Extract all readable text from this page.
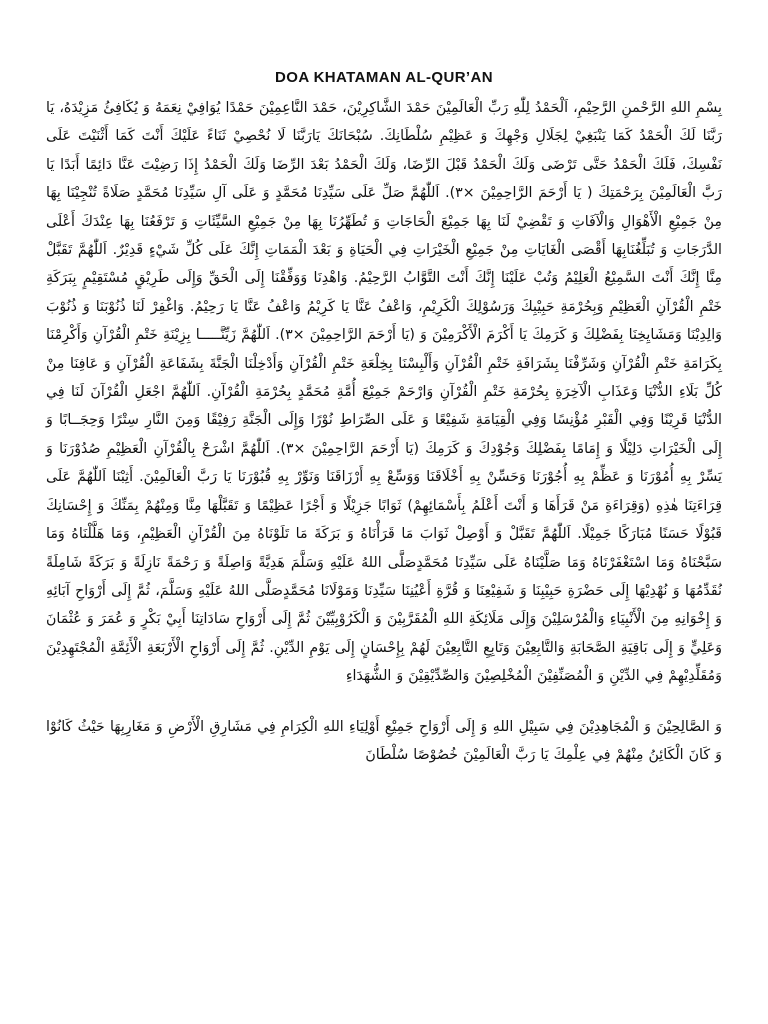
DOA KHATAMAN AL-QUR’AN

بِسْمِ اللهِ الرَّحْمنِ الرَّحِيْمِ، اَلْحَمْدُ لِلّٰهِ رَبِّ الْعَالَمِيْنَ حَمْدَ الشَّاكِرِيْنَ، حَمْدَ النَّاعِمِيْنَ حَمْدًا يُوَافِيْ نِعَمَهُ وَ يُكَافِئُ مَزِيْدَهُ، يَا رَبَّنَا لَكَ الْحَمْدُ كَمَا يَنْبَغِيْ لِجَلَالِ وَجْهِكَ وَ عَظِيْمِ سُلْطَانِكَ. سُبْحَانَكَ يَارَبَّنَا لَا نُحْصِيْ ثَنَاءً عَلَيْكَ أَنْتَ كَمَا أَثْنَيْتَ عَلَى نَفْسِكَ، فَلَكَ الْحَمْدُ حَتَّى تَرْضَى وَلَكَ الْحَمْدُ قَبْلَ الرِّضَا، وَلَكَ الْحَمْدُ بَعْدَ الرِّضَا وَلَكَ الْحَمْدُ إِذَا رَضِيْتَ عَنَّا دَائِمًا أَبَدًا يَا رَبَّ الْعَالَمِيْنَ بِرَحْمَتِكَ ( يَا أَرْحَمَ الرَّاحِمِيْنَ ×٣). اَللّٰهُمَّ صَلِّ عَلَى سَيِّدِنَا مُحَمَّدٍ وَ عَلَى آلِ سَيِّدِنَا مُحَمَّدٍ صَلَاةً تُنْجِيْنَا بِهَا مِنْ جَمِيْعِ الْأَهْوَالِ وَالْآفَاتِ وَ تَقْضِيْ لَنَا بِهَا جَمِيْعَ الْحَاجَاتِ وَ تُطَهِّرُنَا بِهَا مِنْ جَمِيْعِ السَّيِّئَاتِ وَ تَرْفَعُنَا بِهَا عِنْدَكَ أَعْلَى الدَّرَجَاتِ وَ تُبَلِّغُنَابِهَا أَقْصَى الْغَايَاتِ مِنْ جَمِيْعِ الْخَيْرَاتِ فِي الْحَيَاةِ وَ بَعْدَ الْمَمَاتِ إِنَّكَ عَلَى كُلِّ شَيْءٍ قَدِيْرٌ. اَللّٰهُمَّ تَقَبَّلْ مِنَّا إِنَّكَ أَنْتَ السَّمِيْعُ الْعَلِيْمُ وَتُبْ عَلَيْنَا إِنَّكَ أَنْتَ التَّوَّابُ الرَّحِيْمُ. وَاهْدِنَا وَوَفِّقْنَا إِلَى الْحَقِّ وَإِلَى طَرِيْقٍ مُسْتَقِيْمٍ بِبَرَكَةِ خَتْمِ الْقُرْآنِ الْعَظِيْمِ وَبِحُرْمَةِ حَبِيْبِكَ وَرَسُوْلِكَ الْكَرِيْمِ، وَاعْفُ عَنَّا يَا كَرِيْمُ وَاعْفُ عَنَّا يَا رَحِيْمُ. وَاغْفِرْ لَنَا ذُنُوْبَنَا وَ ذُنُوْبَ وَالِدِيْنَا وَمَشَايِخِنَا بِفَضْلِكَ وَ كَرَمِكَ يَا أَكْرَمَ الْأَكْرَمِيْنَ وَ (يَا أَرْحَمَ الرَّاحِمِيْنَ ×٣). اَللّٰهُمَّ زَيِّنَّـــــا بِزِيْنَةِ خَتْمِ الْقُرْآنِ وَأَكْرِمْنَا بِكَرَامَةِ خَتْمِ الْقُرْآنِ وَشَرِّفْنَا بِشَرَافَةِ خَتْمِ الْقُرْآنِ وَأَلْبِسْنَا بِخِلْعَةِ خَتْمِ الْقُرْآنِ وَأَدْخِلْنَا الْجَنَّةَ بِشَفَاعَةِ الْقُرْآنِ وَ عَافِنَا مِنْ كُلِّ بَلَاءِ الدُّنْيَا وَعَذَابِ الْآخِرَةِ بِحُرْمَةِ خَتْمِ الْقُرْآنِ وَارْحَمْ جَمِيْعَ أُمَّةِ مُحَمَّدٍ بِحُرْمَةِ الْقُرْآنِ. اَللّٰهُمَّ اجْعَلِ الْقُرْآنَ لَنَا فِي الدُّنْيَا قَرِيْنًا وَفِي الْقَبْرِ مُؤْنِسًا وَفِي الْقِيَامَةِ شَفِيْعًا وَ عَلَى الصِّرَاطِ نُوْرًا وَإِلَى الْجَنَّةِ رَفِيْقًا وَمِنَ النَّارِ سِتْرًا وَحِجَــابًا وَ إِلَى الْخَيْرَاتِ دَلِيْلًا وَ إِمَامًا بِفَضْلِكَ وَجُوْدِكَ وَ كَرَمِكَ (يَا أَرْحَمَ الرَّاحِمِيْنَ ×٣). اَللّٰهُمَّ اشْرَحْ بِالْقُرْآنِ الْعَظِيْمِ صُدُوْرَنَا وَ يَسِّرْ بِهِ أُمُوْرَنَا وَ عَظِّمْ بِهِ أُجُوْرَنَا وَحَسِّنْ بِهِ أَخْلَاقَنَا وَوَسِّعْ بِهِ أَرْزَاقَنَا وَنَوِّرْ بِهِ قُبُوْرَنَا يَا رَبَّ الْعَالَمِيْنَ. أَثِبْنَا اَللّٰهُمَّ عَلَى قِرَاءَتِنَا هٰذِهِ (وَقِرَاءَةِ مَنْ قَرَأَهَا وَ أَنْتَ أَعْلَمُ بِأَسْمَائِهِمْ) ثَوَابًا جَزِيْلًا وَ أَجْرًا عَظِيْمًا وَ تَقَبَّلْهَا مِنَّا وَمِنْهُمْ بِمَنِّكَ وَ إِحْسَانِكَ قَبُوْلًا حَسَنًا مُبَارَكًا جَمِيْلًا. اَللّٰهُمَّ تَقَبَّلْ وَ أَوْصِلْ ثَوَابَ مَا قَرَأْنَاهُ وَ بَرَكَةَ مَا تَلَوْنَاهُ مِنَ الْقُرْآنِ الْعَظِيْمِ، وَمَا هَلَّلْنَاهُ وَمَا سَبَّحْنَاهُ وَمَا اسْتَغْفَرْنَاهُ وَمَا صَلَّيْنَاهُ عَلَى سَيِّدِنَا مُحَمَّدٍصَلَّى اللهُ عَلَيْهِ وَسَلَّمَ هَدِيَّةً وَاصِلَةً وَ رَحْمَةً نَازِلَةً وَ بَرَكَةً شَامِلَةً نُقَدِّمُهَا وَ نُهْدِيْهَا إِلَى حَضْرَةِ حَبِيْبِنَا وَ شَفِيْعِنَا وَ قُرَّةِ أَعْيُنِنَا سَيِّدِنَا وَمَوْلَانَا مُحَمَّدٍصَلَّى اللهُ عَلَيْهِ وَسَلَّمَ، ثُمَّ إِلَى أَرْوَاحِ آبَائِهِ وَ إِخْوَانِهِ مِنَ الْأَنْبِيَاءِ وَالْمُرْسَلِيْنَ وَإِلَى مَلَائِكَةِ اللهِ الْمُقَرَّبِيْنَ وَ الْكَرُوْبِيِّيْنَ ثُمَّ إِلَى أَرْوَاحِ سَادَاتِنَا أَبِيْ بَكْرٍ وَ عُمَرَ وَ عُثْمَانَ وَعَلِيٍّ وَ إِلَى بَاقِيَةِ الصَّحَابَةِ وَالتَّابِعِيْنَ وَتَابِعِ التَّابِعِيْنَ لَهُمْ بِإِحْسَانٍ إِلَى يَوْمِ الدِّيْنِ. ثُمَّ إِلَى أَرْوَاحِ الْأَرْبَعَةِ الْأَئِمَّةِ الْمُجْتَهِدِيْنَ وَمُقَلِّدِيْهِمْ فِي الدِّيْنِ وَ الْمُصَنِّفِيْنَ الْمُخْلِصِيْنَ وَالصِّدِّيْقِيْنَ وَ الشُّهَدَاءِ

وَ الصَّالِحِيْنَ وَ الْمُجَاهِدِيْنَ فِي سَبِيْلِ اللهِ وَ إِلَى أَرْوَاحِ جَمِيْعِ أَوْلِيَاءِ اللهِ الْكِرَامِ فِي مَشَارِقِ الْأَرْضِ وَ مَغَارِبِهَا حَيْثُ كَانُوْا وَ كَانَ الْكَائِنُ مِنْهُمْ فِي عِلْمِكَ يَا رَبَّ الْعَالَمِيْنَ خُصُوْصًا سُلْطَانَ
